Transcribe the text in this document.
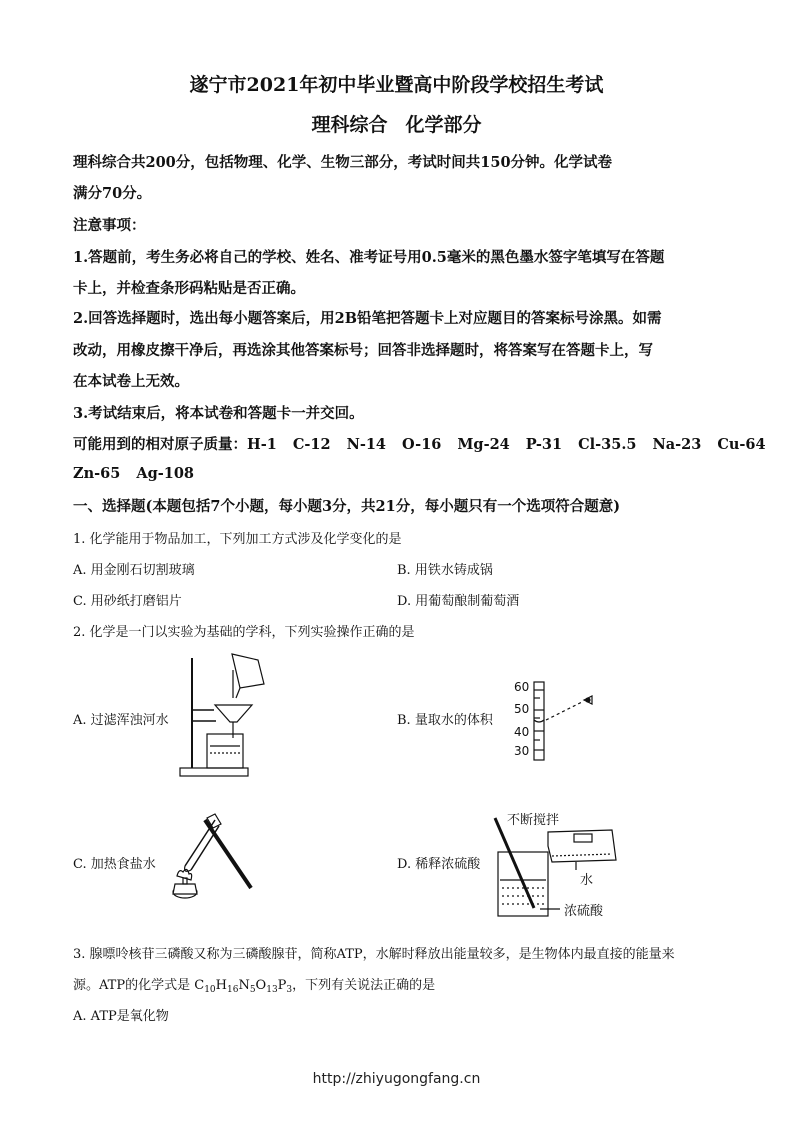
遂宁市2021年初中毕业暨高中阶段学校招生考试
理科综合 化学部分
理科综合共200分，包括物理、化学、生物三部分，考试时间共150分钟。化学试卷
满分70分。
注意事项：
1.答题前，考生务必将自己的学校、姓名、准考证号用0.5毫米的黑色墨水签字笔填写在答题
卡上，并检查条形码粘贴是否正确。
2.回答选择题时，选出每小题答案后，用2B铅笔把答题卡上对应题目的答案标号涂黑。如需
改动，用橡皮擦干净后，再选涂其他答案标号；回答非选择题时，将答案写在答题卡上，写
在本试卷上无效。
3.考试结束后，将本试卷和答题卡一并交回。
可能用到的相对原子质量：H-1 C-12 N-14 O-16 Mg-24 P-31 Cl-35.5 Na-23 Cu-64
Zn-65 Ag-108
一、选择题(本题包括7个小题，每小题3分，共21分，每小题只有一个选项符合题意)
1. 化学能用于物品加工，下列加工方式涉及化学变化的是
A. 用金刚石切割玻璃	B. 用铁水铸成锅
C. 用砂纸打磨铝片	D. 用葡萄酿制葡萄酒
2. 化学是一门以实验为基础的学科，下列实验操作正确的是
A. 过滤浑浊河水	B. 量取水的体积
C. 加热食盐水	D. 稀释浓硫酸
60
50
40
30
不断搅拌
水
浓硫酸
3. 腺嘌呤核苷三磷酸又称为三磷酸腺苷，简称ATP，水解时释放出能量较多，是生物体内最直接的能量来
源。ATP的化学式是 $C_{10}H_{16}N_5O_{13}P_3$，下列有关说法正确的是
A. ATP是氧化物
http://zhiyugongfang.cn
